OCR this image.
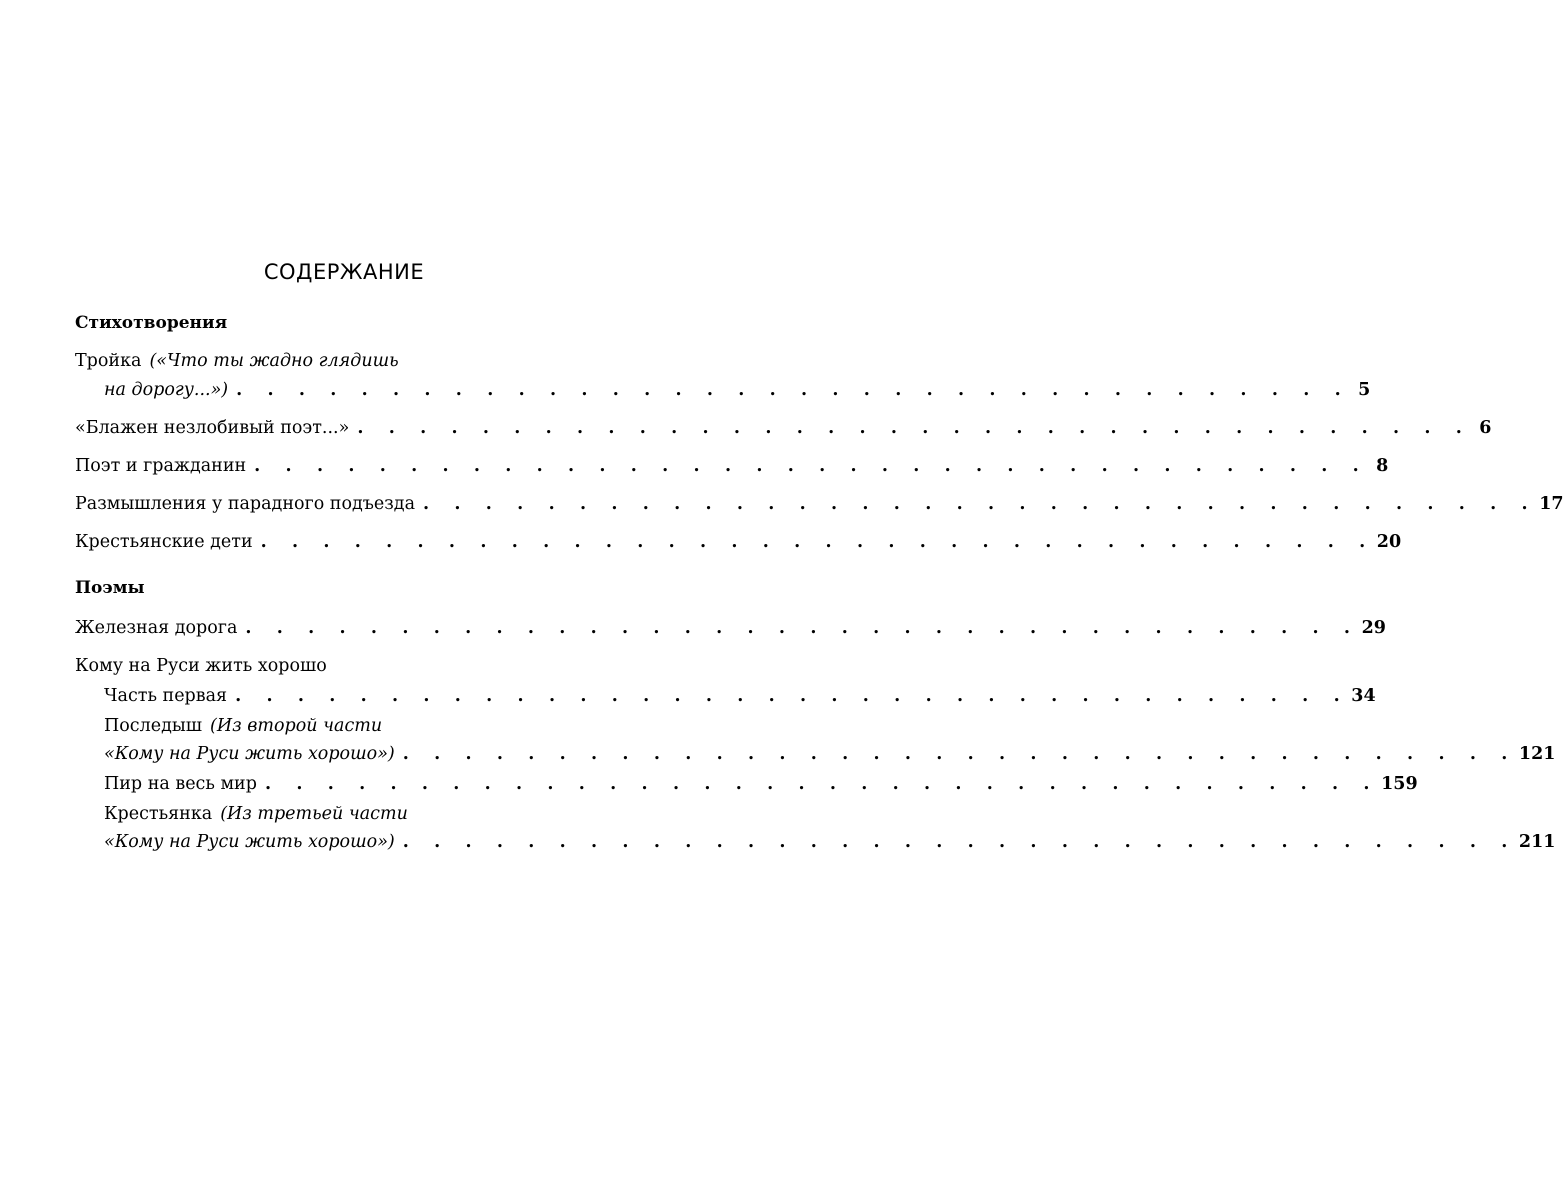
СОДЕРЖАНИЕ
Стихотворения
Тройка («Что ты жадно глядишь
на дорогу...») . . . . . . . . . . . . . . . . . . . . . . . . . . . . . . . . . . . . 5
«Блажен незлобивый поэт...» . . . . . . . . . . . . . . . . . . . . . . . . . . . . . . . . . . . . 6
Поэт и гражданин . . . . . . . . . . . . . . . . . . . . . . . . . . . . . . . . . . . . 8
Размышления у парадного подъезда . . . . . . . . . . . . . . . . . . . . . . . . . . . . . . . . . . . . 17
Крестьянские дети . . . . . . . . . . . . . . . . . . . . . . . . . . . . . . . . . . . . 20
Поэмы
Железная дорога . . . . . . . . . . . . . . . . . . . . . . . . . . . . . . . . . . . . 29
Кому на Руси жить хорошо
Часть первая . . . . . . . . . . . . . . . . . . . . . . . . . . . . . . . . . . . . 34
Последыш (Из второй части
«Кому на Руси жить хорошо») . . . . . . . . . . . . . . . . . . . . . . . . . . . . . . . . . . . . 121
Пир на весь мир . . . . . . . . . . . . . . . . . . . . . . . . . . . . . . . . . . . . 159
Крестьянка (Из третьей части
«Кому на Руси жить хорошо») . . . . . . . . . . . . . . . . . . . . . . . . . . . . . . . . . . . . 211
